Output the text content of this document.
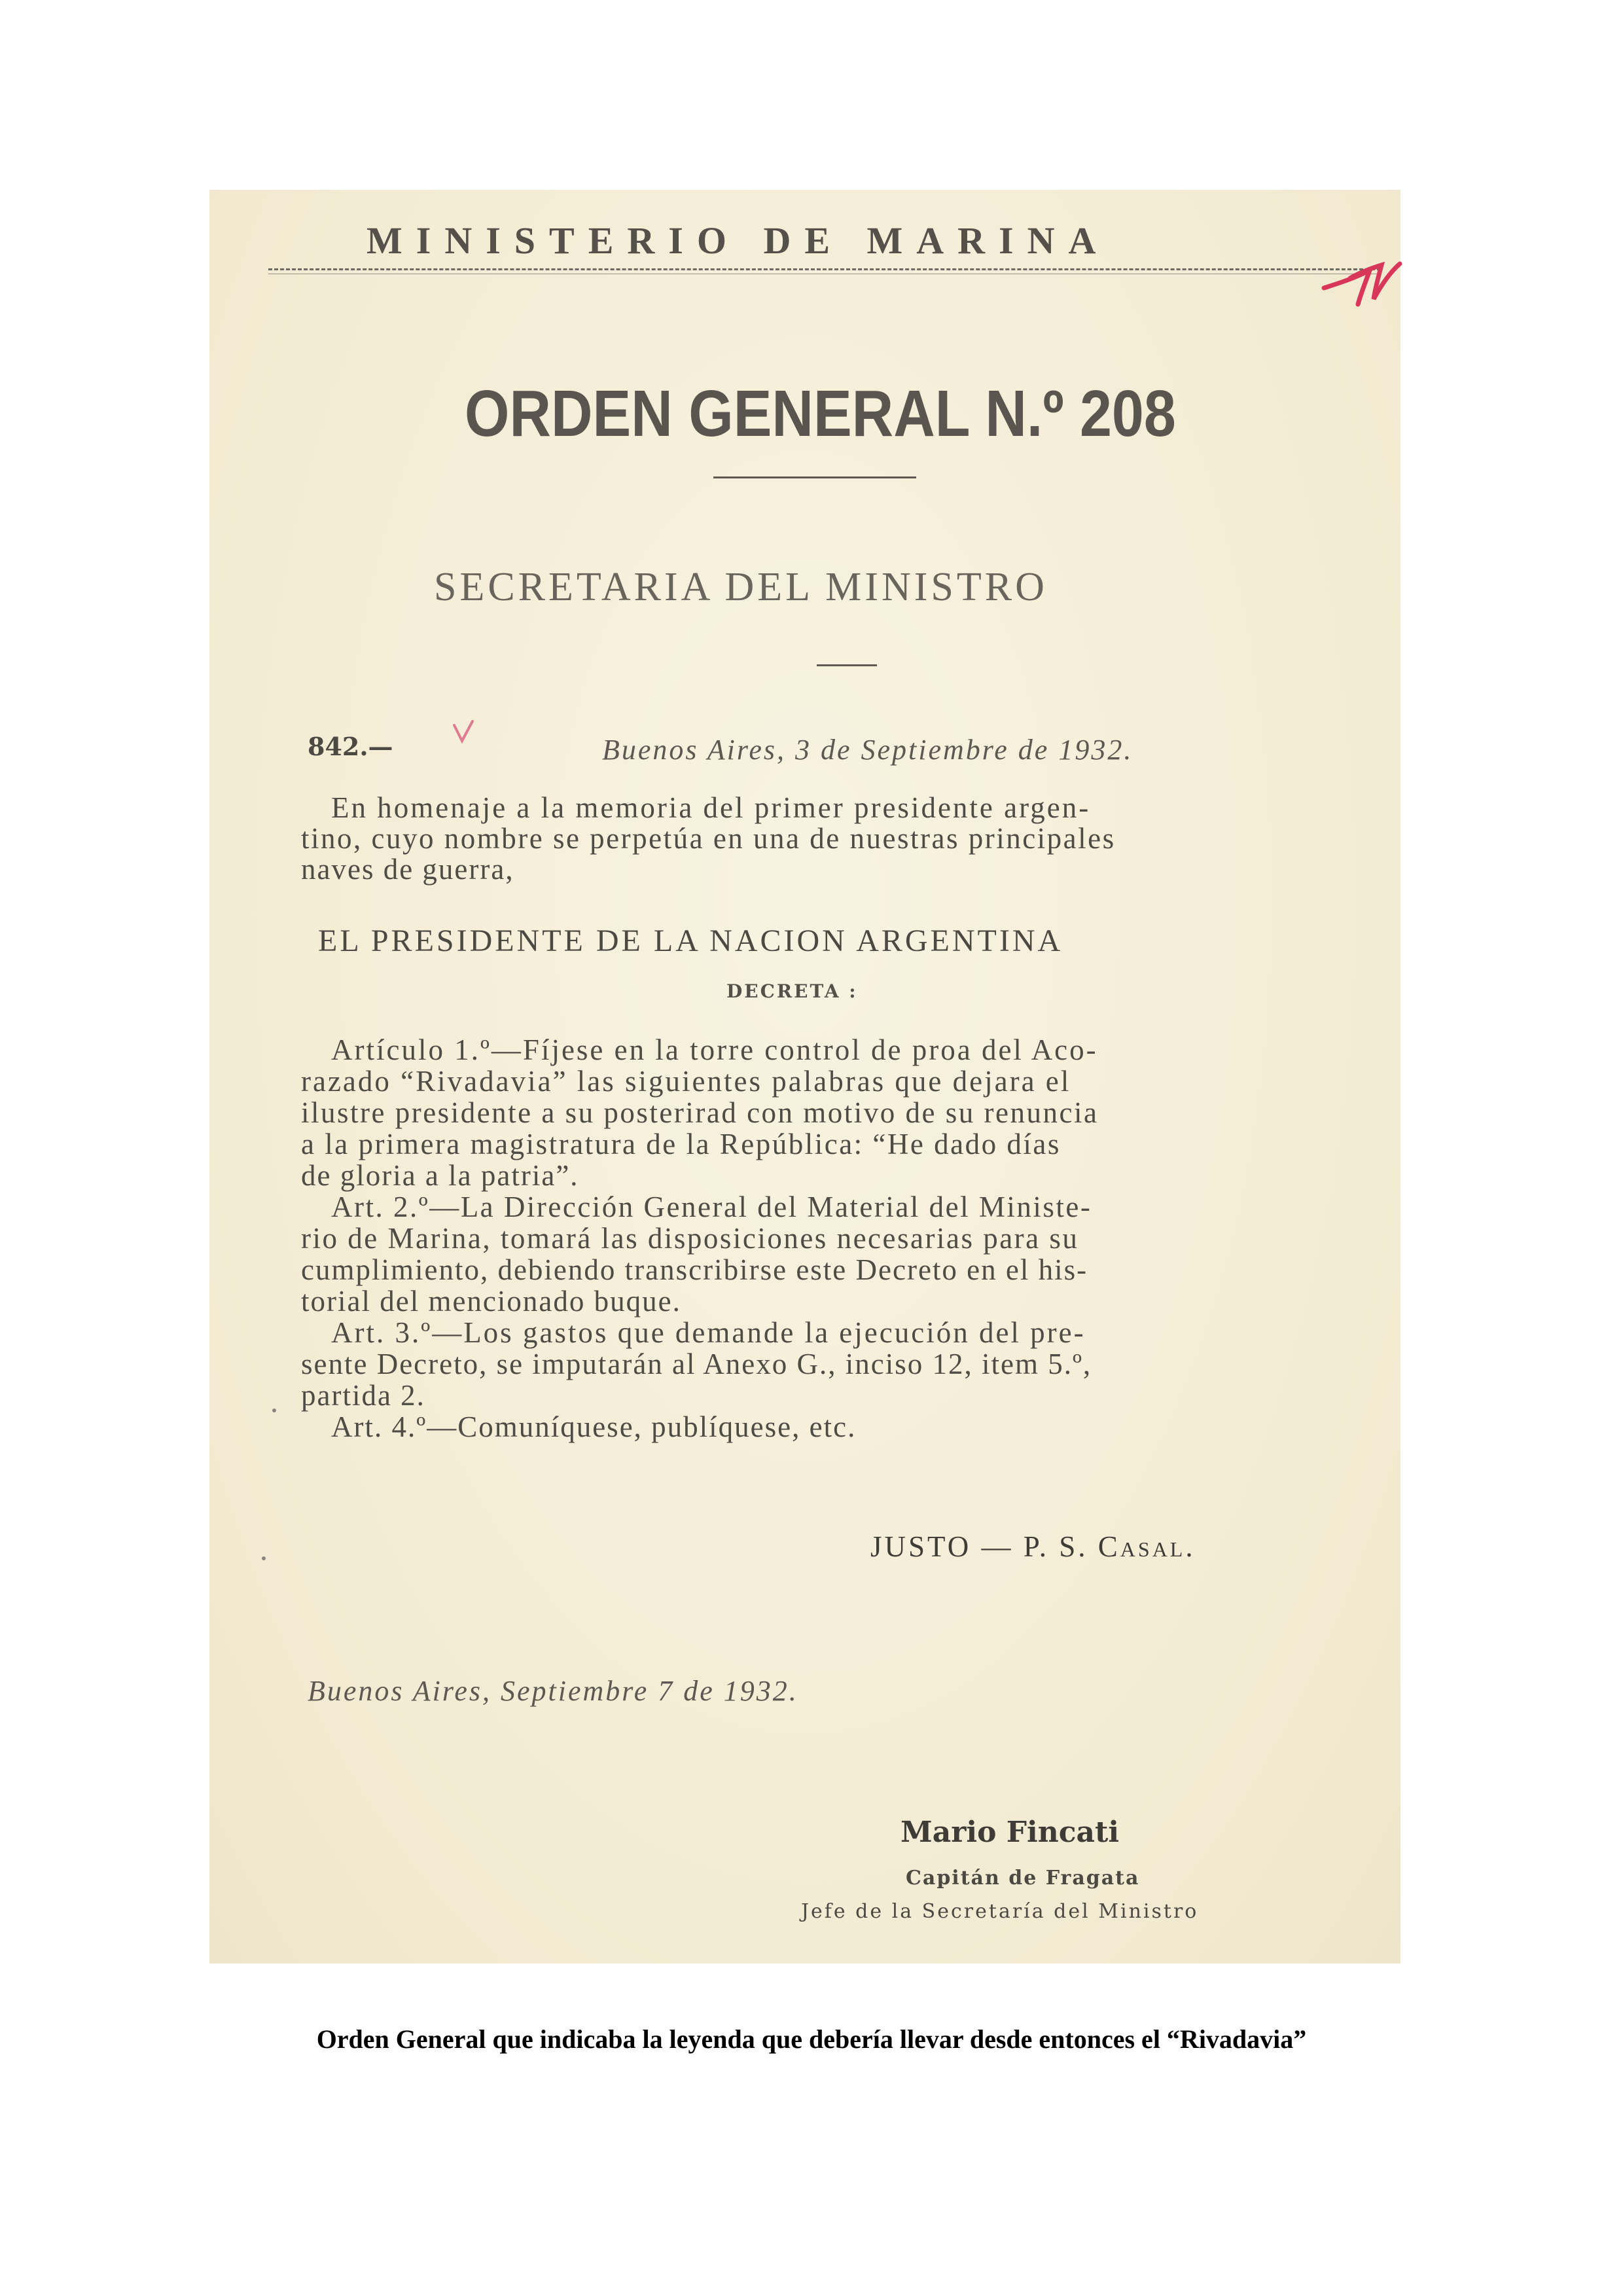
MINISTERIO DE MARINA

ORDEN GENERAL N.º 208

SECRETARIA DEL MINISTRO

842.—	Buenos Aires, 3 de Septiembre de 1932.

En homenaje a la memoria del primer presidente argen-

tino, cuyo nombre se perpetúa en una de nuestras principales

naves de guerra,

EL PRESIDENTE DE LA NACION ARGENTINA

DECRETA :

Artículo 1.º—Fíjese en la torre control de proa del Aco-

razado “Rivadavia” las siguientes palabras que dejara el

ilustre presidente a su posterirad con motivo de su renuncia

a la primera magistratura de la República: “He dado días

de gloria a la patria”.

Art. 2.º—La Dirección General del Material del Ministe-

rio de Marina, tomará las disposiciones necesarias para su

cumplimiento, debiendo transcribirse este Decreto en el his-

torial del mencionado buque.

Art. 3.º—Los gastos que demande la ejecución del pre-

sente Decreto, se imputarán al Anexo G., inciso 12, item 5.º,

partida 2.

Art. 4.º—Comuníquese, publíquese, etc.

JUSTO — P. S. Casal.

Buenos Aires, Septiembre 7 de 1932.

Mario Fincati

Capitán de Fragata

Jefe de la Secretaría del Ministro

Orden General que indicaba la leyenda que debería llevar desde entonces el “Rivadavia”
